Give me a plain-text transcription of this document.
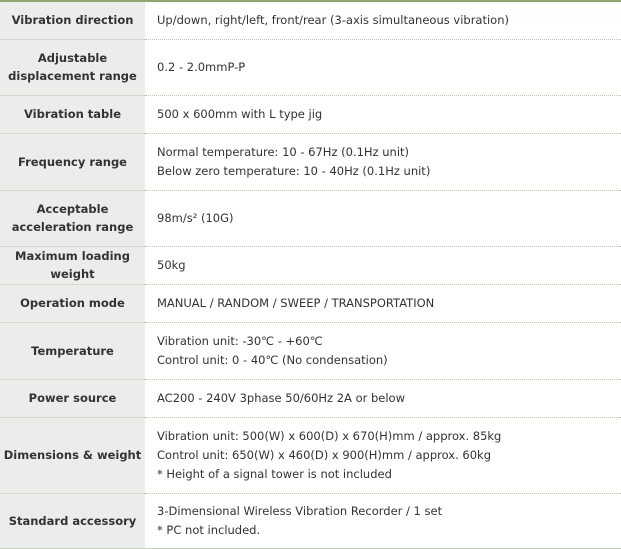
Vibration direction	Up/down, right/left, front/rear (3-axis simultaneous vibration)

Adjustable displacement range	0.2 - 2.0mmP-P

Vibration table	500 x 600mm with L type jig

Frequency range	Normal temperature: 10 - 67Hz (0.1Hz unit)
Below zero temperature: 10 - 40Hz (0.1Hz unit)

Acceptable acceleration range	98m/s² (10G)

Maximum loading weight	50kg

Operation mode	MANUAL / RANDOM / SWEEP / TRANSPORTATION

Temperature	Vibration unit: -30℃ - +60℃
Control unit: 0 - 40℃ (No condensation)

Power source	AC200 - 240V 3phase 50/60Hz 2A or below

Dimensions & weight	Vibration unit: 500(W) x 600(D) x 670(H)mm / approx. 85kg
Control unit: 650(W) x 460(D) x 900(H)mm / approx. 60kg
* Height of a signal tower is not included

Standard accessory	3-Dimensional Wireless Vibration Recorder / 1 set
* PC not included.
